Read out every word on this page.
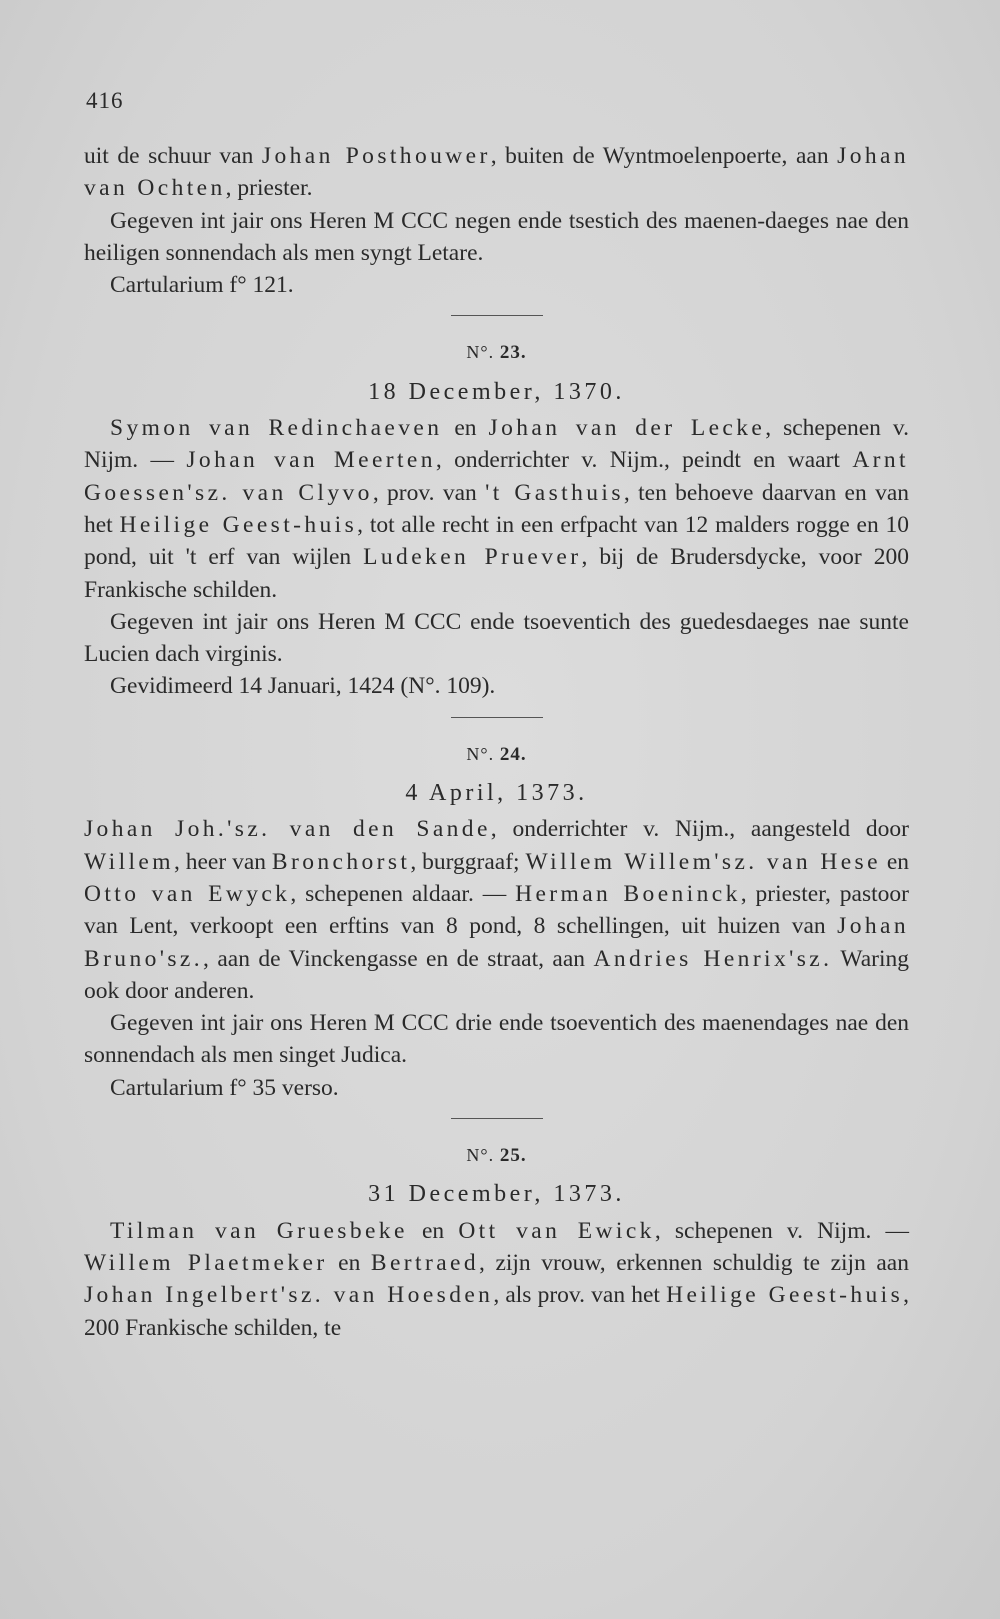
416

uit de schuur van Johan Posthouwer, buiten de Wyntmoelenpoerte, aan Johan van Ochten, priester.

Gegeven int jair ons Heren M CCC negen ende tsestich des maenen-daeges nae den heiligen sonnendach als men syngt Letare.

Cartularium f° 121.

N°. 23.
18 December, 1370.

Symon van Redinchaeven en Johan van der Lecke, schepenen v. Nijm. — Johan van Meerten, onderrichter v. Nijm., peindt en waart Arnt Goessen'sz. van Clyvo, prov. van 't Gasthuis, ten behoeve daarvan en van het Heilige Geest-huis, tot alle recht in een erfpacht van 12 malders rogge en 10 pond, uit 't erf van wijlen Ludeken Pruever, bij de Brudersdycke, voor 200 Frankische schilden.

Gegeven int jair ons Heren M CCC ende tsoeventich des guedesdaeges nae sunte Lucien dach virginis.

Gevidimeerd 14 Januari, 1424 (N°. 109).

N°. 24.
4 April, 1373.

Johan Joh.'sz. van den Sande, onderrichter v. Nijm., aangesteld door Willem, heer van Bronchorst, burggraaf; Willem Willem'sz. van Hese en Otto van Ewyck, schepenen aldaar. — Herman Boeninck, priester, pastoor van Lent, verkoopt een erftins van 8 pond, 8 schellingen, uit huizen van Johan Bruno'sz., aan de Vinckengasse en de straat, aan Andries Henrix'sz. Waring ook door anderen.

Gegeven int jair ons Heren M CCC drie ende tsoeventich des maenendages nae den sonnendach als men singet Judica.

Cartularium f° 35 verso.

N°. 25.
31 December, 1373.

Tilman van Gruesbeke en Ott van Ewick, schepenen v. Nijm. — Willem Plaetmeker en Bertraed, zijn vrouw, erkennen schuldig te zijn aan Johan Ingelbert'sz. van Hoesden, als prov. van het Heilige Geest-huis, 200 Frankische schilden, te
